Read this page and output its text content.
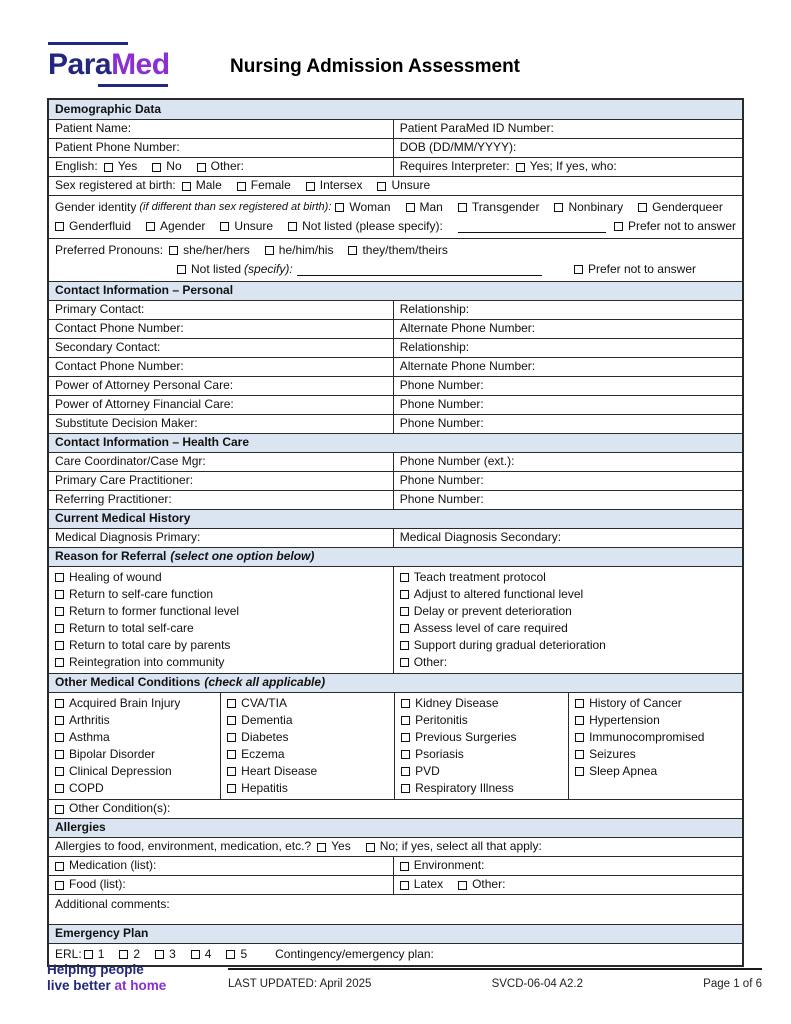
ParaMed	Nursing Admission Assessment
Demographic Data
Patient Name:	Patient ParaMed ID Number:
Patient Phone Number:	DOB (DD/MM/YYYY):
English: Yes No Other:	Requires Interpreter: Yes; If yes, who:
Sex registered at birth: Male Female Intersex Unsure
Gender identity (if different than sex registered at birth): Woman Man Transgender Nonbinary Genderqueer
Genderfluid Agender Unsure Not listed (please specify):	Prefer not to answer
Preferred Pronouns: she/her/hers he/him/his they/them/theirs
Not listed (specify):	Prefer not to answer
Contact Information – Personal
Primary Contact:	Relationship:
Contact Phone Number:	Alternate Phone Number:
Secondary Contact:	Relationship:
Contact Phone Number:	Alternate Phone Number:
Power of Attorney Personal Care:	Phone Number:
Power of Attorney Financial Care:	Phone Number:
Substitute Decision Maker:	Phone Number:
Contact Information – Health Care
Care Coordinator/Case Mgr:	Phone Number (ext.):
Primary Care Practitioner:	Phone Number:
Referring Practitioner:	Phone Number:
Current Medical History
Medical Diagnosis Primary:	Medical Diagnosis Secondary:
Reason for Referral (select one option below)
Healing of wound
Return to self-care function
Return to former functional level
Return to total self-care
Return to total care by parents
Reintegration into community
Teach treatment protocol
Adjust to altered functional level
Delay or prevent deterioration
Assess level of care required
Support during gradual deterioration
Other:
Other Medical Conditions (check all applicable)
Acquired Brain Injury
Arthritis
Asthma
Bipolar Disorder
Clinical Depression
COPD
CVA/TIA
Dementia
Diabetes
Eczema
Heart Disease
Hepatitis
Kidney Disease
Peritonitis
Previous Surgeries
Psoriasis
PVD
Respiratory Illness
History of Cancer
Hypertension
Immunocompromised
Seizures
Sleep Apnea
Other Condition(s):
Allergies
Allergies to food, environment, medication, etc.? Yes No; if yes, select all that apply:
Medication (list):	Environment:
Food (list):	Latex Other:
Additional comments:
Emergency Plan
ERL: 1 2 3 4 5 Contingency/emergency plan:
Helping people
live better at home	LAST UPDATED: April 2025	SVCD-06-04 A2.2	Page 1 of 6
